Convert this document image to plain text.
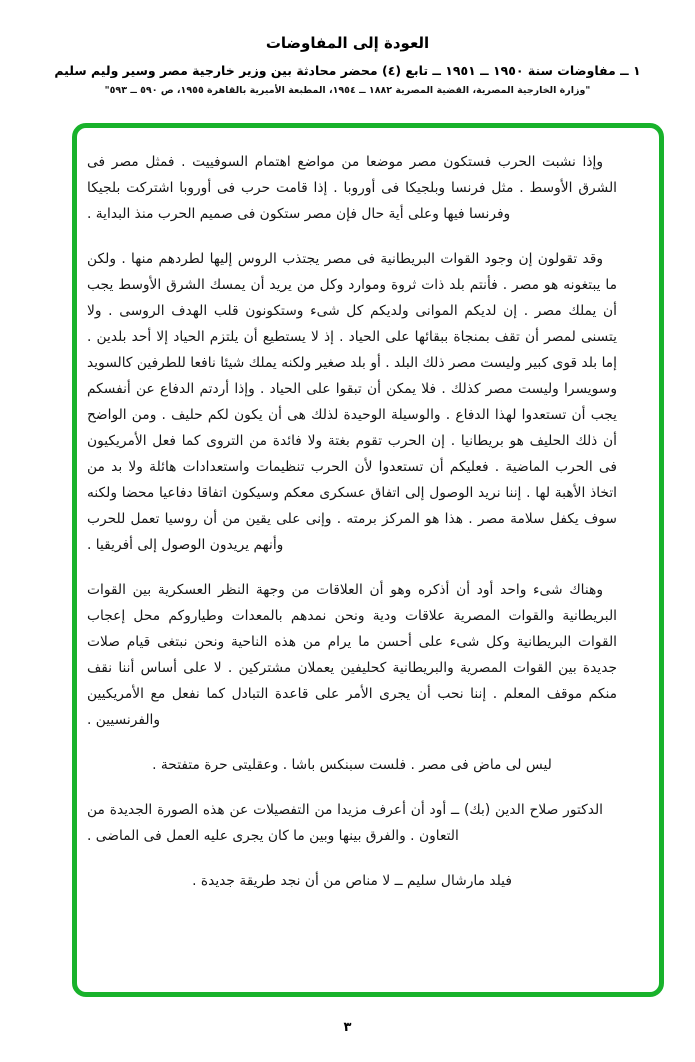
العودة إلى المفاوضات
١ ــ مفاوضات سنة ١٩٥٠ ــ ١٩٥١ ــ تابع (٤) محضر محادثة بين وزير خارجية مصر وسير وليم سليم
"وزارة الخارجية المصرية، القضية المصرية ١٨٨٢ ــ ١٩٥٤، المطبعة الأميرية بالقاهرة ١٩٥٥، ص ٥٩٠ ــ ٥٩٣"

وإذا نشبت الحرب فستكون مصر موضعا من مواضع اهتمام السوفييت . فمثل مصر فى الشرق الأوسط . مثل فرنسا وبلجيكا فى أوروبا . إذا قامت حرب فى أوروبا اشتركت بلجيكا وفرنسا فيها وعلى أية حال فإن مصر ستكون فى صميم الحرب منذ البداية .

وقد تقولون إن وجود القوات البريطانية فى مصر يجتذب الروس إليها لطردهم منها . ولكن ما يبتغونه هو مصر . فأنتم بلد ذات ثروة وموارد وكل من يريد أن يمسك الشرق الأوسط يجب أن يملك مصر . إن لديكم الموانى ولديكم كل شىء وستكونون قلب الهدف الروسى . ولا يتسنى لمصر أن تقف بمنجاة ببقائها على الحياد . إذ لا يستطيع أن يلتزم الحياد إلا أحد بلدين . إما بلد قوى كبير وليست مصر ذلك البلد . أو بلد صغير ولكنه يملك شيئا نافعا للطرفين كالسويد وسويسرا وليست مصر كذلك . فلا يمكن أن تبقوا على الحياد . وإذا أردتم الدفاع عن أنفسكم يجب أن تستعدوا لهذا الدفاع . والوسيلة الوحيدة لذلك هى أن يكون لكم حليف . ومن الواضح أن ذلك الحليف هو بريطانيا . إن الحرب تقوم بغتة ولا فائدة من التروى كما فعل الأمريكيون فى الحرب الماضية . فعليكم أن تستعدوا لأن الحرب تنظيمات واستعدادات هائلة ولا بد من اتخاذ الأهبة لها . إننا نريد الوصول إلى اتفاق عسكرى معكم وسيكون اتفاقا دفاعيا محضا ولكنه سوف يكفل سلامة مصر . هذا هو المركز برمته . وإنى على يقين من أن روسيا تعمل للحرب وأنهم يريدون الوصول إلى أفريقيا .

وهناك شىء واحد أود أن أذكره وهو أن العلاقات من وجهة النظر العسكرية بين القوات البريطانية والقوات المصرية علاقات ودية ونحن نمدهم بالمعدات وطياروكم محل إعجاب القوات البريطانية وكل شىء على أحسن ما يرام من هذه الناحية ونحن نبتغى قيام صلات جديدة بين القوات المصرية والبريطانية كحليفين يعملان مشتركين . لا على أساس أننا نقف منكم موقف المعلم . إننا نحب أن يجرى الأمر على قاعدة التبادل كما نفعل مع الأمريكيين والفرنسيين .

ليس لى ماض فى مصر . فلست سبنكس باشا . وعقليتى حرة متفتحة .

الدكتور صلاح الدين (بك) ــ أود أن أعرف مزيدا من التفصيلات عن هذه الصورة الجديدة من التعاون . والفرق بينها وبين ما كان يجرى عليه العمل فى الماضى .

فيلد مارشال سليم ــ لا مناص من أن نجد طريقة جديدة .

٣
